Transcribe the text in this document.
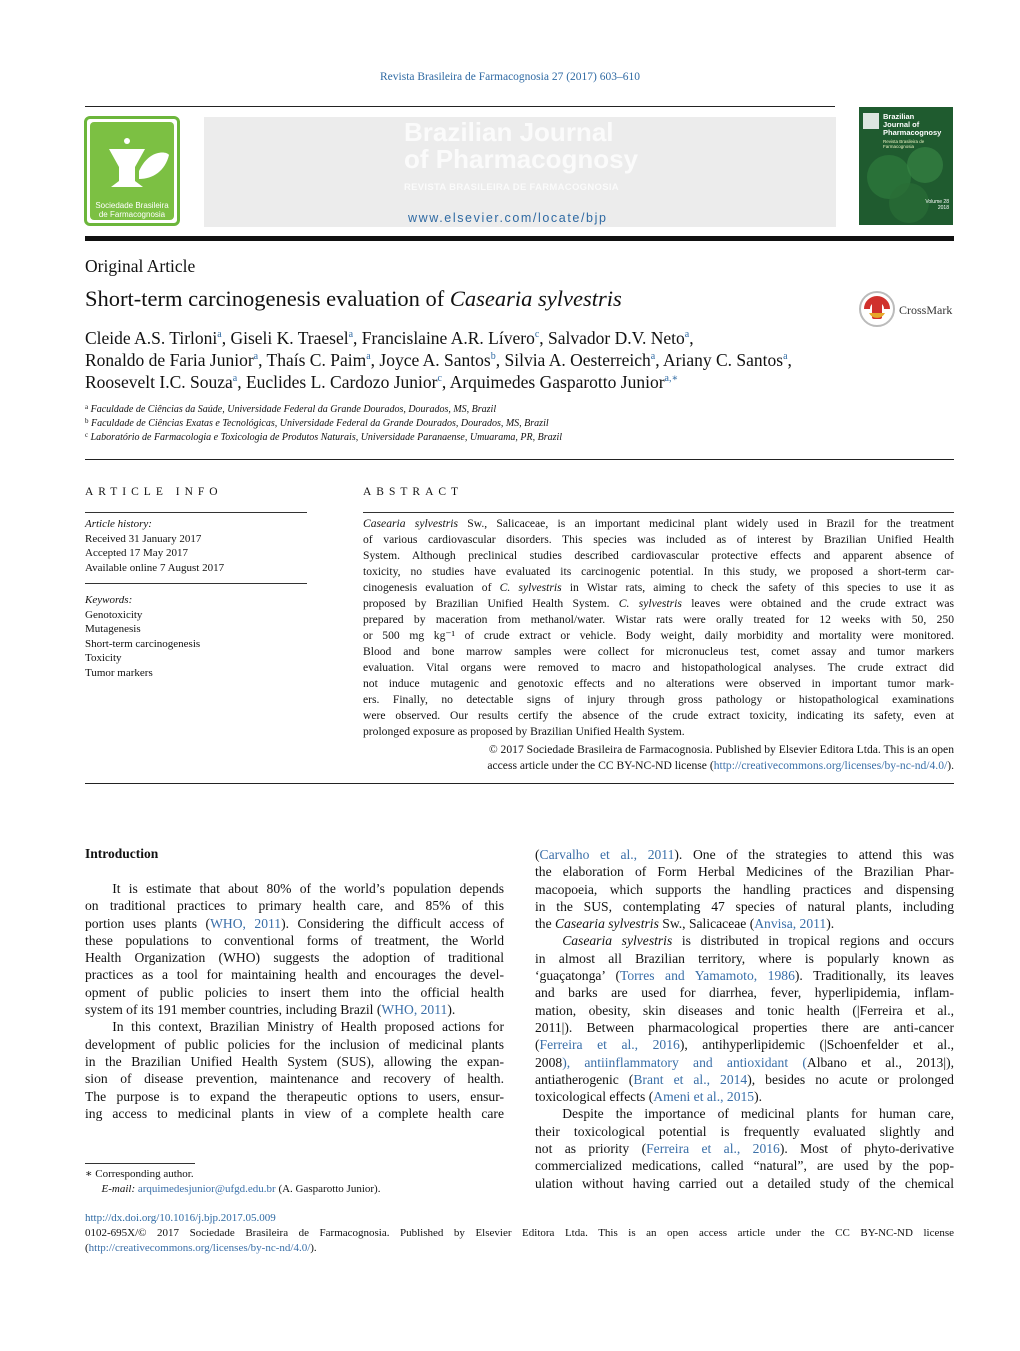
Revista Brasileira de Farmacognosia 27 (2017) 603–610
Sociedade Brasileira
de Farmacognosia
Brazilian Journal
of Pharmacognosy
REVISTA BRASILEIRA DE FARMACOGNOSIA
www.elsevier.com/locate/bjp
Brazilian
Journal of
Pharmacognosy
Revista Brasileira de Farmacognosia
Volume 28
2018
Original Article
Short-term carcinogenesis evaluation of Casearia sylvestris	CrossMark
Cleide A.S. Tirloni$^a$, Giseli K. Traesel$^a$, Francislaine A.R. Lívero$^c$, Salvador D.V. Neto$^a$,
Ronaldo de Faria Junior$^a$, Thaís C. Paim$^a$, Joyce A. Santos$^b$, Silvia A. Oesterreich$^a$, Ariany C. Santos$^a$,
Roosevelt I.C. Souza$^a$, Euclides L. Cardozo Junior$^c$, Arquimedes Gasparotto Junior$^{a,∗}$
$^a$ Faculdade de Ciências da Saúde, Universidade Federal da Grande Dourados, Dourados, MS, Brazil
$^b$ Faculdade de Ciências Exatas e Tecnológicas, Universidade Federal da Grande Dourados, Dourados, MS, Brazil
$^c$ Laboratório de Farmacologia e Toxicologia de Produtos Naturais, Universidade Paranaense, Umuarama, PR, Brazil
ARTICLE INFO	ABSTRACT
Article history:
Received 31 January 2017
Accepted 17 May 2017
Available online 7 August 2017
Keywords:
Genotoxicity
Mutagenesis
Short-term carcinogenesis
Toxicity
Tumor markers
Casearia sylvestris Sw., Salicaceae, is an important medicinal plant widely used in Brazil for the treatment
of various cardiovascular disorders. This species was included as of interest by Brazilian Unified Health
System. Although preclinical studies described cardiovascular protective effects and apparent absence of
toxicity, no studies have evaluated its carcinogenic potential. In this study, we proposed a short-term car-
cinogenesis evaluation of C. sylvestris in Wistar rats, aiming to check the safety of this species to use it as
proposed by Brazilian Unified Health System. C. sylvestris leaves were obtained and the crude extract was
prepared by maceration from methanol/water. Wistar rats were orally treated for 12 weeks with 50, 250
or 500 mg kg⁻¹ of crude extract or vehicle. Body weight, daily morbidity and mortality were monitored.
Blood and bone marrow samples were collect for micronucleus test, comet assay and tumor markers
evaluation. Vital organs were removed to macro and histopathological analyses. The crude extract did
not induce mutagenic and genotoxic effects and no alterations were observed in important tumor mark-
ers. Finally, no detectable signs of injury through gross pathology or histopathological examinations
were observed. Our results certify the absence of the crude extract toxicity, indicating its safety, even at
prolonged exposure as proposed by Brazilian Unified Health System.
© 2017 Sociedade Brasileira de Farmacognosia. Published by Elsevier Editora Ltda. This is an open
access article under the CC BY-NC-ND license (http://creativecommons.org/licenses/by-nc-nd/4.0/).
Introduction
  It is estimate that about 80% of the world’s population depends
on traditional practices to primary health care, and 85% of this
portion uses plants (WHO, 2011). Considering the difficult access of
these populations to conventional forms of treatment, the World
Health Organization (WHO) suggests the adoption of traditional
practices as a tool for maintaining health and encourages the devel-
opment of public policies to insert them into the official health
system of its 191 member countries, including Brazil (WHO, 2011).
  In this context, Brazilian Ministry of Health proposed actions for
development of public policies for the inclusion of medicinal plants
in the Brazilian Unified Health System (SUS), allowing the expan-
sion of disease prevention, maintenance and recovery of health.
The purpose is to expand the therapeutic options to users, ensur-
ing access to medicinal plants in view of a complete health care
(Carvalho et al., 2011). One of the strategies to attend this was
the elaboration of Form Herbal Medicines of the Brazilian Phar-
macopoeia, which supports the handling practices and dispensing
in the SUS, contemplating 47 species of natural plants, including
the Casearia sylvestris Sw., Salicaceae (Anvisa, 2011).
  Casearia sylvestris is distributed in tropical regions and occurs
in almost all Brazilian territory, where is popularly known as
‘guaçatonga’ (Torres and Yamamoto, 1986). Traditionally, its leaves
and barks are used for diarrhea, fever, hyperlipidemia, inflam-
mation, obesity, skin diseases and tonic health (|Ferreira et al.,
2011|). Between pharmacological properties there are anti-cancer
(Ferreira et al., 2016), antihyperlipidemic (|Schoenfelder et al.,
2008), antiinflammatory and antioxidant (Albano et al., 2013|),
antiatherogenic (Brant et al., 2014), besides no acute or prolonged
toxicological effects (Ameni et al., 2015).
  Despite the importance of medicinal plants for human care,
their toxicological potential is frequently evaluated slightly and
not as priority (Ferreira et al., 2016). Most of phyto-derivative
commercialized medications, called “natural”, are used by the pop-
ulation without having carried out a detailed study of the chemical
∗ Corresponding author.
E-mail: arquimedesjunior@ufgd.edu.br (A. Gasparotto Junior).
http://dx.doi.org/10.1016/j.bjp.2017.05.009
0102-695X/© 2017 Sociedade Brasileira de Farmacognosia. Published by Elsevier Editora Ltda. This is an open access article under the CC BY-NC-ND license (http://creativecommons.org/licenses/by-nc-nd/4.0/).
